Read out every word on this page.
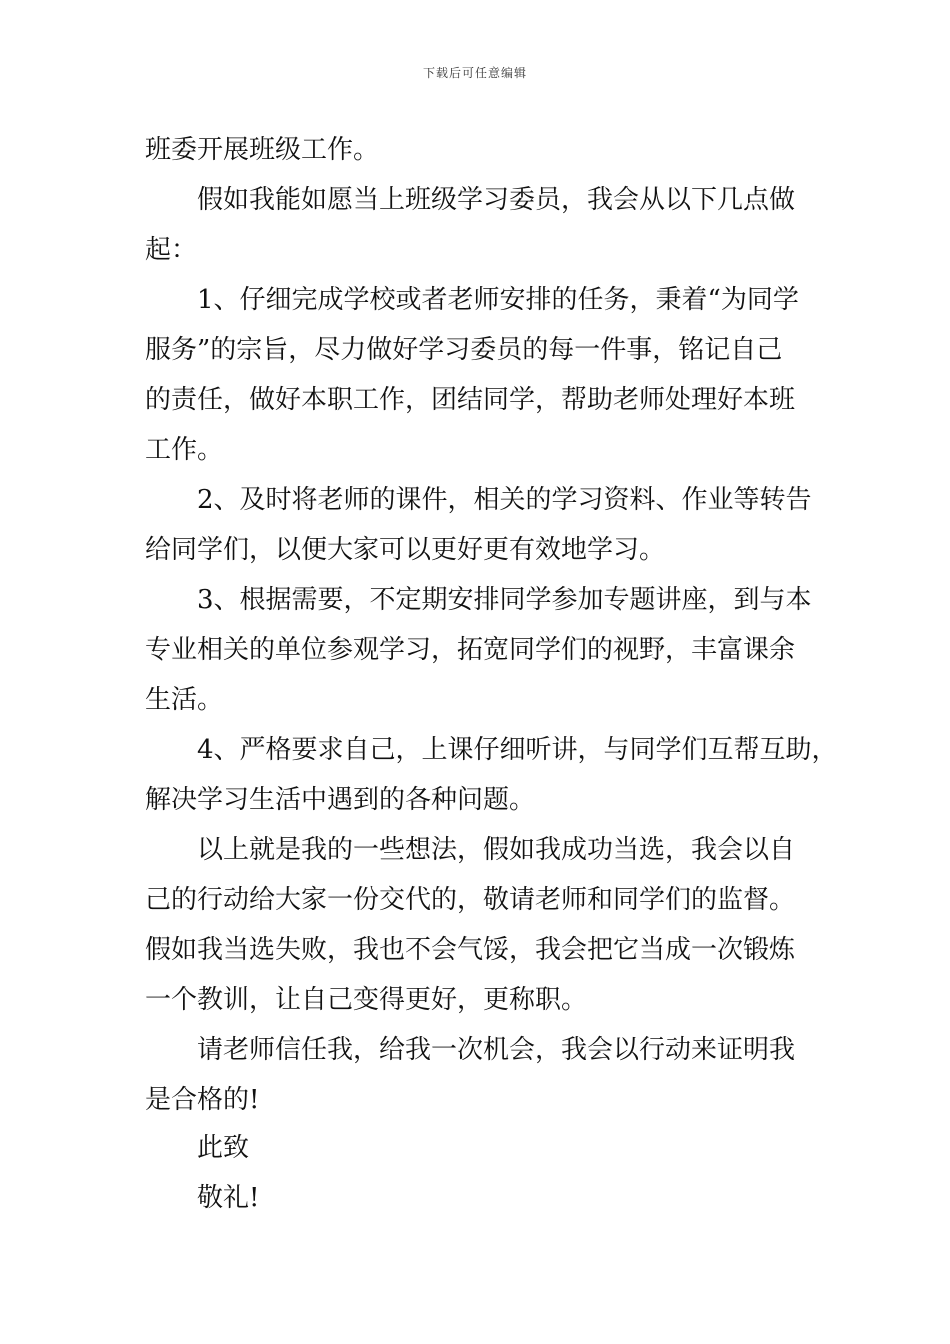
下载后可任意编辑
班委开展班级工作。
假如我能如愿当上班级学习委员，我会从以下几点做
起：
1、仔细完成学校或者老师安排的任务，秉着“为同学
服务”的宗旨，尽力做好学习委员的每一件事，铭记自己
的责任，做好本职工作，团结同学，帮助老师处理好本班
工作。
2、及时将老师的课件，相关的学习资料、作业等转告
给同学们，以便大家可以更好更有效地学习。
3、根据需要，不定期安排同学参加专题讲座，到与本
专业相关的单位参观学习，拓宽同学们的视野，丰富课余
生活。
4、严格要求自己，上课仔细听讲，与同学们互帮互助，
解决学习生活中遇到的各种问题。
以上就是我的一些想法，假如我成功当选，我会以自
己的行动给大家一份交代的，敬请老师和同学们的监督。
假如我当选失败，我也不会气馁，我会把它当成一次锻炼
一个教训，让自己变得更好，更称职。
请老师信任我，给我一次机会，我会以行动来证明我
是合格的!
此致
敬礼!
